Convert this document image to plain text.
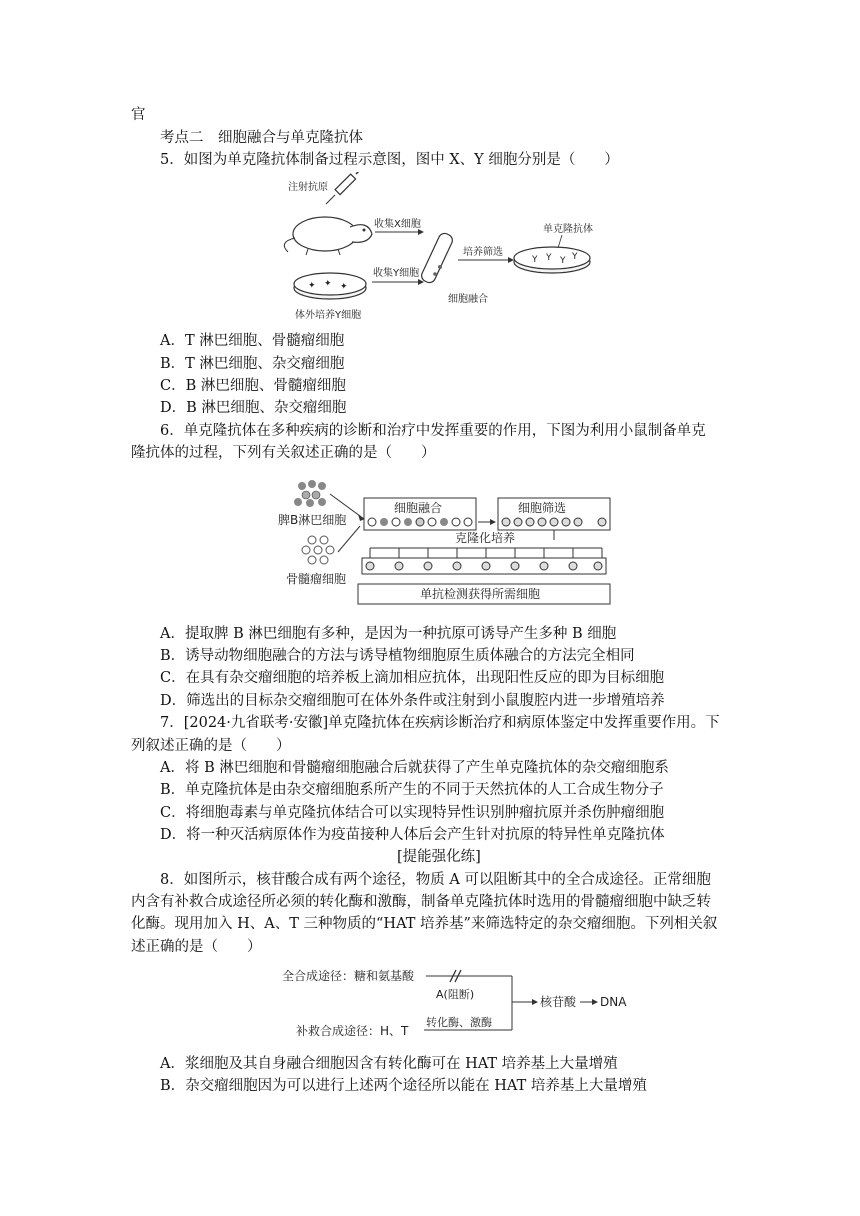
官
考点二　细胞融合与单克隆抗体
5．如图为单克隆抗体制备过程示意图，图中 X、Y 细胞分别是（　　）
注射抗原
收集X细胞
培养筛选
单克隆抗体
Y Y Y Y
✦ ✦ ✦
收集Y细胞
细胞融合
体外培养Y细胞
A．T 淋巴细胞、骨髓瘤细胞
B．T 淋巴细胞、杂交瘤细胞
C．B 淋巴细胞、骨髓瘤细胞
D．B 淋巴细胞、杂交瘤细胞
6．单克隆抗体在多种疾病的诊断和治疗中发挥重要的作用，下图为利用小鼠制备单克
隆抗体的过程，下列有关叙述正确的是（　　）
脾B淋巴细胞
骨髓瘤细胞
细胞融合	细胞筛选
克隆化培养
单抗检测获得所需细胞
A．提取脾 B 淋巴细胞有多种，是因为一种抗原可诱导产生多种 B 细胞
B．诱导动物细胞融合的方法与诱导植物细胞原生质体融合的方法完全相同
C．在具有杂交瘤细胞的培养板上滴加相应抗体，出现阳性反应的即为目标细胞
D．筛选出的目标杂交瘤细胞可在体外条件或注射到小鼠腹腔内进一步增殖培养
7．[2024·九省联考·安徽]单克隆抗体在疾病诊断治疗和病原体鉴定中发挥重要作用。下
列叙述正确的是（　　）
A．将 B 淋巴细胞和骨髓瘤细胞融合后就获得了产生单克隆抗体的杂交瘤细胞系
B．单克隆抗体是由杂交瘤细胞系所产生的不同于天然抗体的人工合成生物分子
C．将细胞毒素与单克隆抗体结合可以实现特异性识别肿瘤抗原并杀伤肿瘤细胞
D．将一种灭活病原体作为疫苗接种人体后会产生针对抗原的特异性单克隆抗体
[提能强化练]
8．如图所示，核苷酸合成有两个途径，物质 A 可以阻断其中的全合成途径。正常细胞
内含有补救合成途径所必须的转化酶和激酶，制备单克隆抗体时选用的骨髓瘤细胞中缺乏转
化酶。现用加入 H、A、T 三种物质的“HAT 培养基”来筛选特定的杂交瘤细胞。下列相关叙
述正确的是（　　）
全合成途径：糖和氨基酸
A(阻断)
核苷酸 DNA
补救合成途径：H、T
转化酶、激酶
A．浆细胞及其自身融合细胞因含有转化酶可在 HAT 培养基上大量增殖
B．杂交瘤细胞因为可以进行上述两个途径所以能在 HAT 培养基上大量增殖
